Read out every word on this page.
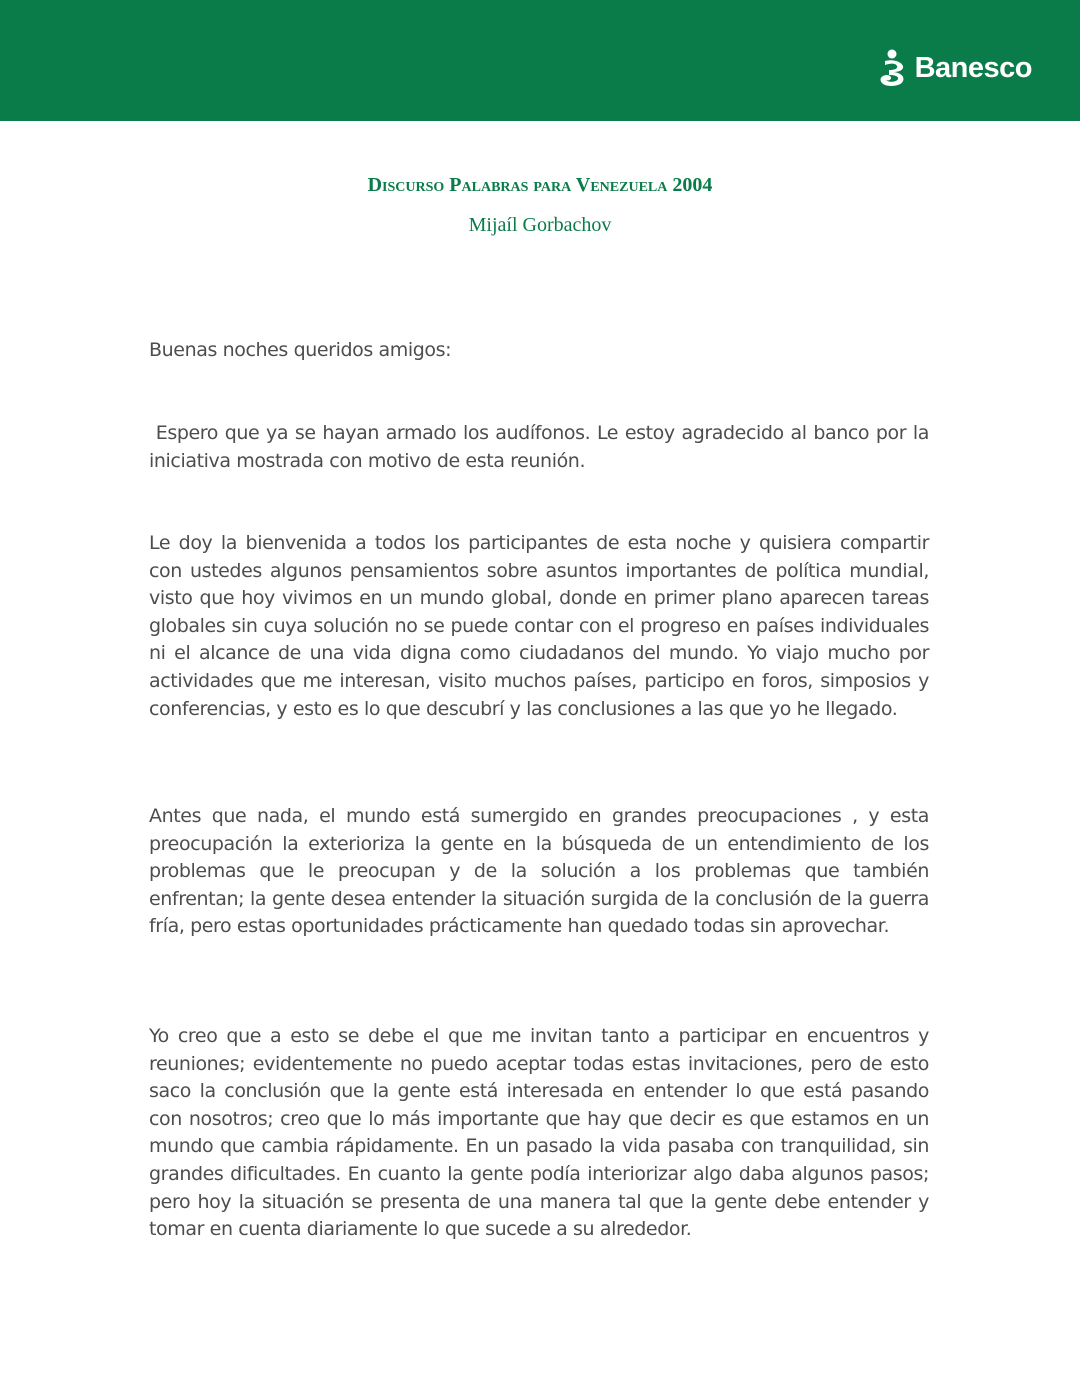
Banesco
Discurso Palabras para Venezuela 2004
Mijaíl Gorbachov

Buenas noches queridos amigos:

Espero que ya se hayan armado los audífonos. Le estoy agradecido al banco por la iniciativa mostrada con motivo de esta reunión.

Le doy la bienvenida a todos los participantes de esta noche y quisiera compartir con ustedes algunos pensamientos sobre asuntos importantes de política mundial, visto que hoy vivimos en un mundo global, donde en primer plano aparecen tareas globales sin cuya solución no se puede contar con el progreso en países individuales ni el alcance de una vida digna como ciudadanos del mundo. Yo viajo mucho por actividades que me interesan, visito muchos países, participo en foros, simposios y conferencias, y esto es lo que descubrí y las conclusiones a las que yo he llegado.

Antes que nada, el mundo está sumergido en grandes preocupaciones , y esta preocupación la exterioriza la gente en la búsqueda de un entendimiento de los problemas que le preocupan y de la solución a los problemas que también enfrentan; la gente desea entender la situación surgida de la conclusión de la guerra fría, pero estas oportunidades prácticamente han quedado todas sin aprovechar.

Yo creo que a esto se debe el que me invitan tanto a participar en encuentros y reuniones; evidentemente no puedo aceptar todas estas invitaciones, pero de esto saco la conclusión que la gente está interesada en entender lo que está pasando con nosotros; creo que lo más importante que hay que decir es que estamos en un mundo que cambia rápidamente. En un pasado la vida pasaba con tranquilidad, sin grandes dificultades. En cuanto la gente podía interiorizar algo daba algunos pasos; pero hoy la situación se presenta de una manera tal que la gente debe entender y tomar en cuenta diariamente lo que sucede a su alrededor.
